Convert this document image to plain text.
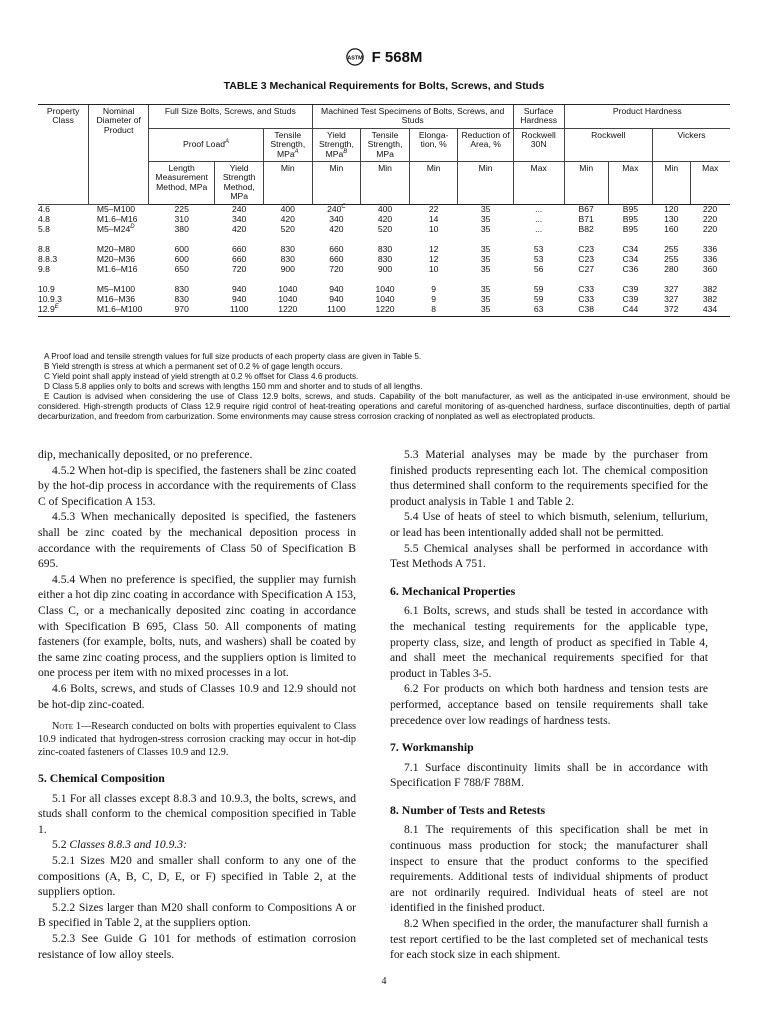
ASTM F 568M
TABLE 3 Mechanical Requirements for Bolts, Screws, and Studs
Property Class	Nominal Diameter of Product	Full Size Bolts, Screws, and Studs			Machined Test Specimens of Bolts, Screws, and Studs				Surface Hardness	Product Hardness			
		Proof Load$^A$		Tensile Strength, MPa$^A$	Yield Strength, MPa$^B$	Tensile Strength, MPa	Elonga- tion, %	Reduction of Area, %	Rockwell 30N	Rockwell		Vickers	
		Length Measurement Method, MPa	Yield Strength Method, MPa	Min	Min	Min	Min	Min	Max	Min	Max	Min	Max
4.6	M5–M100	225	240	400	$240^C$	400	22	35	...	B67	B95	120	220
4.8	M1.6–M16	310	340	420	340	420	14	35	...	B71	B95	130	220
5.8	$M5-M24^D$	380	420	520	420	520	10	35	...	B82	B95	160	220

8.8	M20–M80	600	660	830	660	830	12	35	53	C23	C34	255	336
8.8.3	M20–M36	600	660	830	660	830	12	35	53	C23	C34	255	336
9.8	M1.6–M16	650	720	900	720	900	10	35	56	C27	C36	280	360

10.9	M5–M100	830	940	1040	940	1040	9	35	59	C33	C39	327	382
10.9.3	M16–M36	830	940	1040	940	1040	9	35	59	C33	C39	327	382
$12.9^E$	M1.6–M100	970	1100	1220	1100	1220	8	35	63	C38	C44	372	434

A Proof load and tensile strength values for full size products of each property class are given in Table 5.

B Yield strength is stress at which a permanent set of 0.2 % of gage length occurs.

C Yield point shall apply instead of yield strength at 0.2 % offset for Class 4.6 products.

D Class 5.8 applies only to bolts and screws with lengths 150 mm and shorter and to studs of all lengths.

E Caution is advised when considering the use of Class 12.9 bolts, screws, and studs. Capability of the bolt manufacturer, as well as the anticipated in-use environment, should be considered. High-strength products of Class 12.9 require rigid control of heat-treating operations and careful monitoring of as-quenched hardness, surface discontinuities, depth of partial decarburization, and freedom from carburization. Some environments may cause stress corrosion cracking of nonplated as well as electroplated products.

dip, mechanically deposited, or no preference.

4.5.2 When hot-dip is specified, the fasteners shall be zinc coated by the hot-dip process in accordance with the requirements of Class C of Specification A 153.

4.5.3 When mechanically deposited is specified, the fasteners shall be zinc coated by the mechanical deposition process in accordance with the requirements of Class 50 of Specification B 695.

4.5.4 When no preference is specified, the supplier may furnish either a hot dip zinc coating in accordance with Specification A 153, Class C, or a mechanically deposited zinc coating in accordance with Specification B 695, Class 50. All components of mating fasteners (for example, bolts, nuts, and washers) shall be coated by the same zinc coating process, and the suppliers option is limited to one process per item with no mixed processes in a lot.

4.6 Bolts, screws, and studs of Classes 10.9 and 12.9 should not be hot-dip zinc-coated.

Note 1—Research conducted on bolts with properties equivalent to Class 10.9 indicated that hydrogen-stress corrosion cracking may occur in hot-dip zinc-coated fasteners of Classes 10.9 and 12.9.

5. Chemical Composition

5.1 For all classes except 8.8.3 and 10.9.3, the bolts, screws, and studs shall conform to the chemical composition specified in Table 1.

5.2 Classes 8.8.3 and 10.9.3:

5.2.1 Sizes M20 and smaller shall conform to any one of the compositions (A, B, C, D, E, or F) specified in Table 2, at the suppliers option.

5.2.2 Sizes larger than M20 shall conform to Compositions A or B specified in Table 2, at the suppliers option.

5.2.3 See Guide G 101 for methods of estimation corrosion resistance of low alloy steels.

5.3 Material analyses may be made by the purchaser from finished products representing each lot. The chemical composition thus determined shall conform to the requirements specified for the product analysis in Table 1 and Table 2.

5.4 Use of heats of steel to which bismuth, selenium, tellurium, or lead has been intentionally added shall not be permitted.

5.5 Chemical analyses shall be performed in accordance with Test Methods A 751.

6. Mechanical Properties

6.1 Bolts, screws, and studs shall be tested in accordance with the mechanical testing requirements for the applicable type, property class, size, and length of product as specified in Table 4, and shall meet the mechanical requirements specified for that product in Tables 3-5.

6.2 For products on which both hardness and tension tests are performed, acceptance based on tensile requirements shall take precedence over low readings of hardness tests.

7. Workmanship

7.1 Surface discontinuity limits shall be in accordance with Specification F 788/F 788M.

8. Number of Tests and Retests

8.1 The requirements of this specification shall be met in continuous mass production for stock; the manufacturer shall inspect to ensure that the product conforms to the specified requirements. Additional tests of individual shipments of product are not ordinarily required. Individual heats of steel are not identified in the finished product.

8.2 When specified in the order, the manufacturer shall furnish a test report certified to be the last completed set of mechanical tests for each stock size in each shipment.

4
